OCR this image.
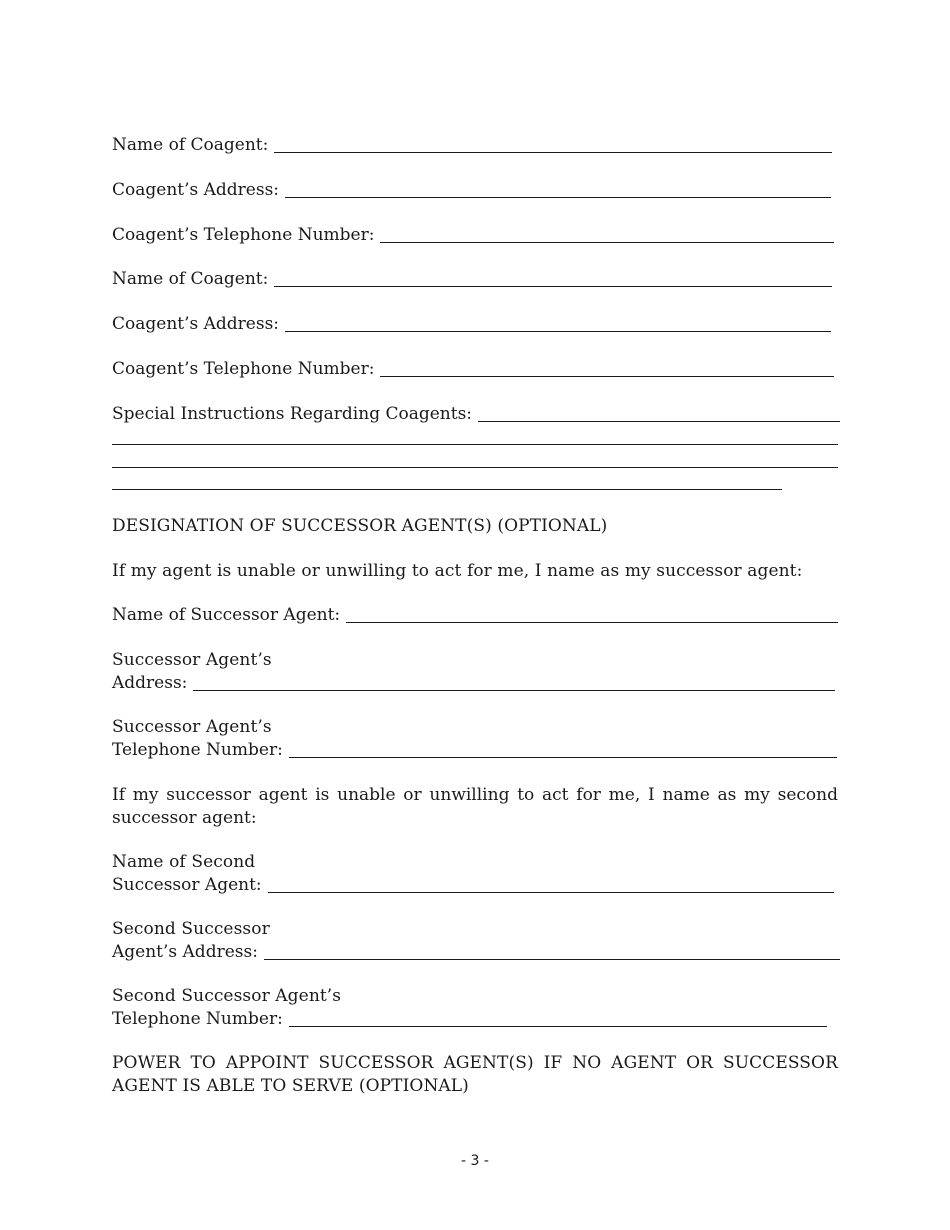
Name of Coagent:
Coagent’s Address:
Coagent’s Telephone Number:
Name of Coagent:
Coagent’s Address:
Coagent’s Telephone Number:
Special Instructions Regarding Coagents:
DESIGNATION OF SUCCESSOR AGENT(S) (OPTIONAL)
If my agent is unable or unwilling to act for me, I name as my successor agent:
Name of Successor Agent:
Successor Agent’s
Address:
Successor Agent’s
Telephone Number:
If my successor agent is unable or unwilling to act for me, I name as my second successor agent:
Name of Second
Successor Agent:
Second Successor
Agent’s Address:
Second Successor Agent’s
Telephone Number:
POWER TO APPOINT SUCCESSOR AGENT(S) IF NO AGENT OR SUCCESSOR AGENT IS ABLE TO SERVE (OPTIONAL)
- 3 -
